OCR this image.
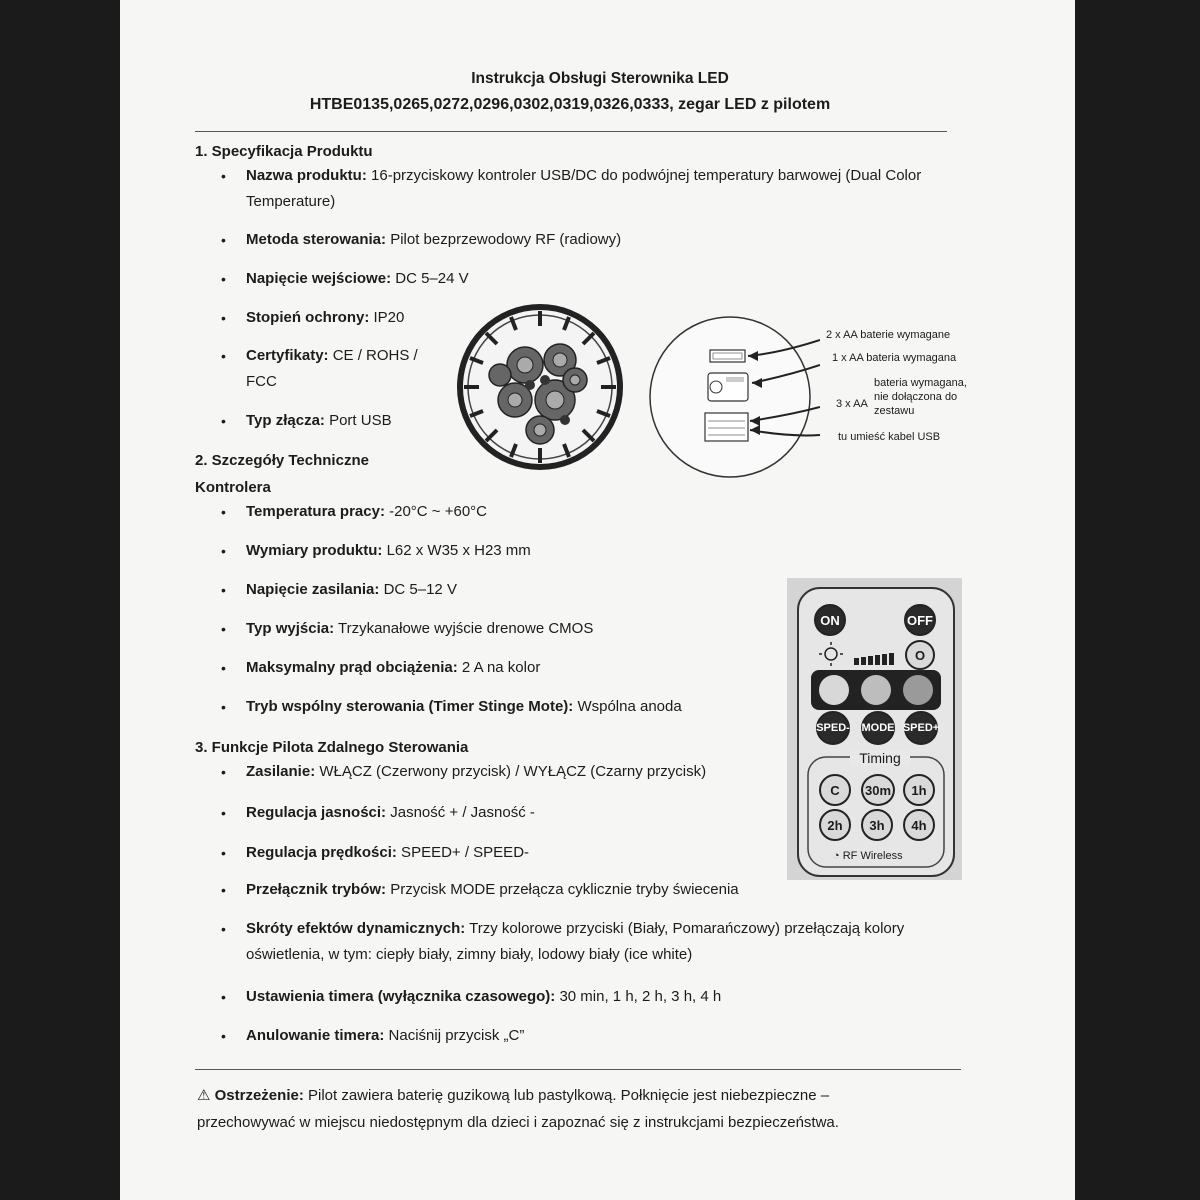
Instrukcja Obsługi Sterownika LED
HTBE0135,0265,0272,0296,0302,0319,0326,0333, zegar LED z pilotem
1. Specyfikacja Produktu
• Nazwa produktu: 16-przyciskowy kontroler USB/DC do podwójnej temperatury barwowej (Dual Color Temperature)
• Metoda sterowania: Pilot bezprzewodowy RF (radiowy)
• Napięcie wejściowe: DC 5–24 V
• Stopień ochrony: IP20
• Certyfikaty: CE / ROHS / FCC
• Typ złącza: Port USB
2 x AA baterie wymagane
1 x AA bateria wymagana
bateria wymagana, nie dołączona do zestawu
3 x AA
tu umieść kabel USB
2. Szczegóły Techniczne
Kontrolera
• Temperatura pracy: -20°C ~ +60°C
• Wymiary produktu: L62 x W35 x H23 mm
• Napięcie zasilania: DC 5–12 V
• Typ wyjścia: Trzykanałowe wyjście drenowe CMOS
• Maksymalny prąd obciążenia: 2 A na kolor
• Tryb wspólny sterowania (Timer Stinge Mote): Wspólna anoda
3. Funkcje Pilota Zdalnego Sterowania
• Zasilanie: WŁĄCZ (Czerwony przycisk) / WYŁĄCZ (Czarny przycisk)
• Regulacja jasności: Jasność + / Jasność -
• Regulacja prędkości: SPEED+ / SPEED-
• Przełącznik trybów: Przycisk MODE przełącza cyklicznie tryby świecenia
• Skróty efektów dynamicznych: Trzy kolorowe przyciski (Biały, Pomarańczowy) przełączają kolory oświetlenia, w tym: ciepły biały, zimny biały, lodowy biały (ice white)
• Ustawienia timera (wyłącznika czasowego): 30 min, 1 h, 2 h, 3 h, 4 h
• Anulowanie timera: Naciśnij przycisk „C”
ON	OFF
O
SPED- MODE SPED+
Timing
C	30m	1h
2h	3h	4h
◔ RF Wireless
⚠ Ostrzeżenie: Pilot zawiera baterię guzikową lub pastylkową. Połknięcie jest niebezpieczne – przechowywać w miejscu niedostępnym dla dzieci i zapoznać się z instrukcjami bezpieczeństwa.
